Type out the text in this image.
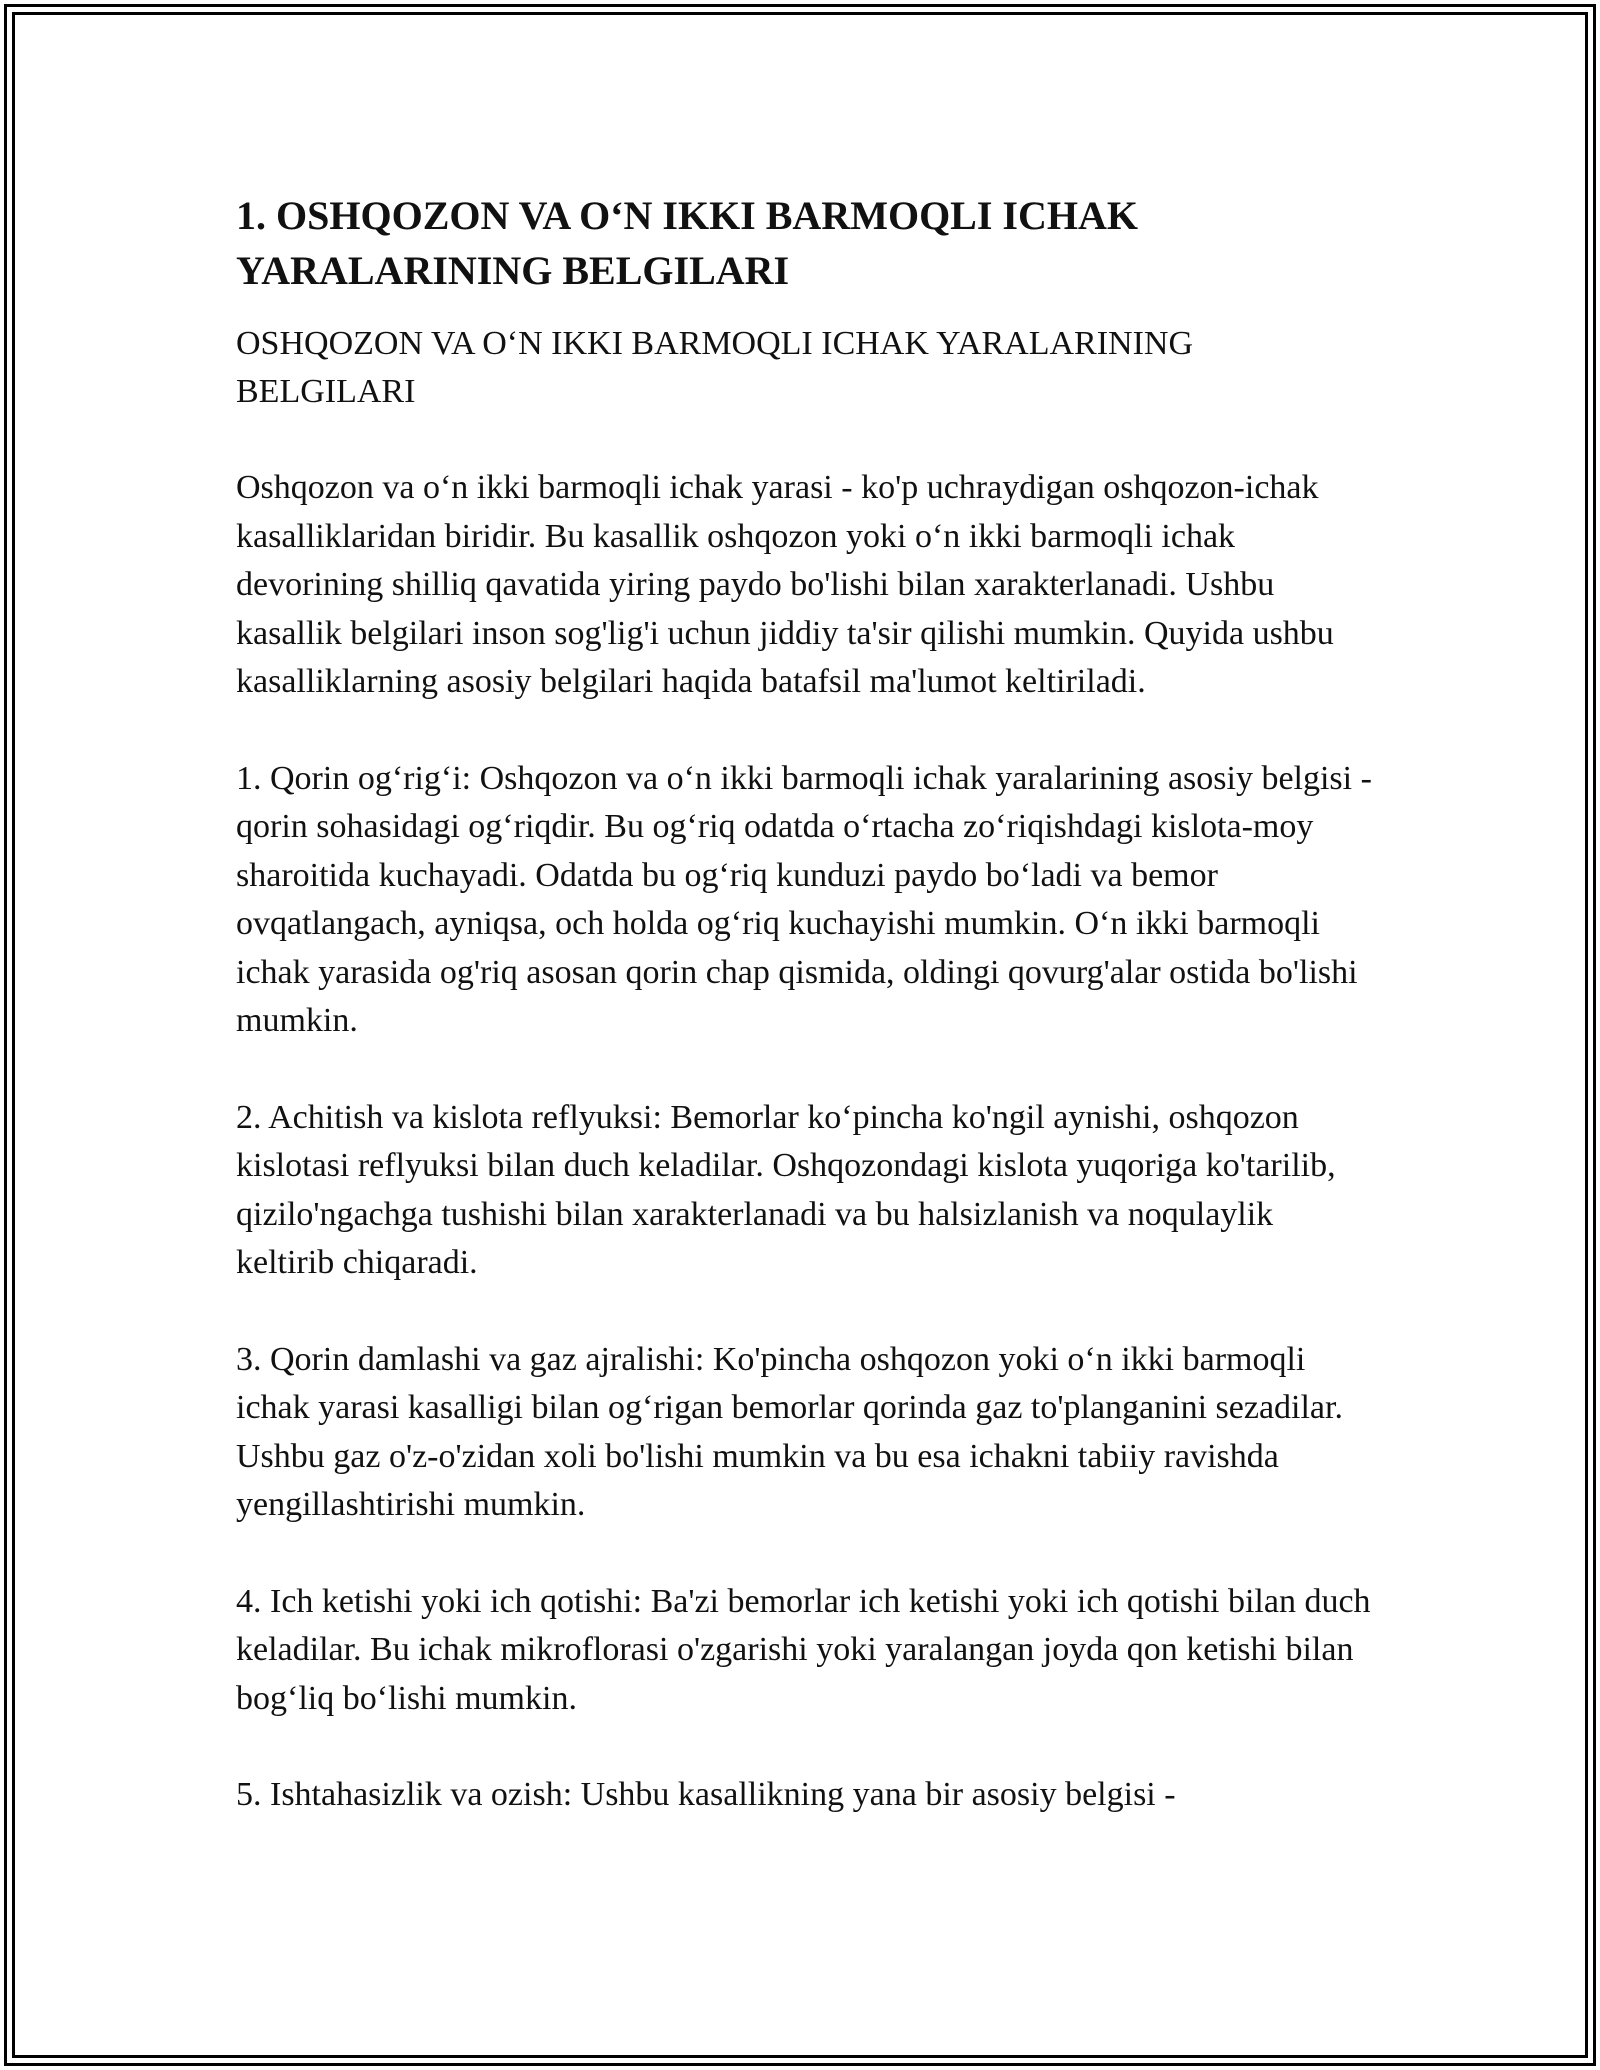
1. OSHQOZON VA O‘N IKKI BARMOQLI ICHAK YARALARINING BELGILARI

OSHQOZON VA O‘N IKKI BARMOQLI ICHAK YARALARINING BELGILARI

Oshqozon va o‘n ikki barmoqli ichak yarasi - ko'p uchraydigan oshqozon-ichak kasalliklaridan biridir. Bu kasallik oshqozon yoki o‘n ikki barmoqli ichak devorining shilliq qavatida yiring paydo bo'lishi bilan xarakterlanadi. Ushbu kasallik belgilari inson sog'lig'i uchun jiddiy ta'sir qilishi mumkin. Quyida ushbu kasalliklarning asosiy belgilari haqida batafsil ma'lumot keltiriladi.

1. Qorin og‘rig‘i: Oshqozon va o‘n ikki barmoqli ichak yaralarining asosiy belgisi - qorin sohasidagi og‘riqdir. Bu og‘riq odatda o‘rtacha zo‘riqishdagi kislota-moy sharoitida kuchayadi. Odatda bu og‘riq kunduzi paydo bo‘ladi va bemor ovqatlangach, ayniqsa, och holda og‘riq kuchayishi mumkin. O‘n ikki barmoqli ichak yarasida og'riq asosan qorin chap qismida, oldingi qovurg'alar ostida bo'lishi mumkin.

2. Achitish va kislota reflyuksi: Bemorlar ko‘pincha ko'ngil aynishi, oshqozon kislotasi reflyuksi bilan duch keladilar. Oshqozondagi kislota yuqoriga ko'tarilib, qizilo'ngachga tushishi bilan xarakterlanadi va bu halsizlanish va noqulaylik keltirib chiqaradi.

3. Qorin damlashi va gaz ajralishi: Ko'pincha oshqozon yoki o‘n ikki barmoqli ichak yarasi kasalligi bilan og‘rigan bemorlar qorinda gaz to'planganini sezadilar. Ushbu gaz o'z-o'zidan xoli bo'lishi mumkin va bu esa ichakni tabiiy ravishda yengillashtirishi mumkin.

4. Ich ketishi yoki ich qotishi: Ba'zi bemorlar ich ketishi yoki ich qotishi bilan duch keladilar. Bu ichak mikroflorasi o'zgarishi yoki yaralangan joyda qon ketishi bilan bog‘liq bo‘lishi mumkin.

5. Ishtahasizlik va ozish: Ushbu kasallikning yana bir asosiy belgisi -
